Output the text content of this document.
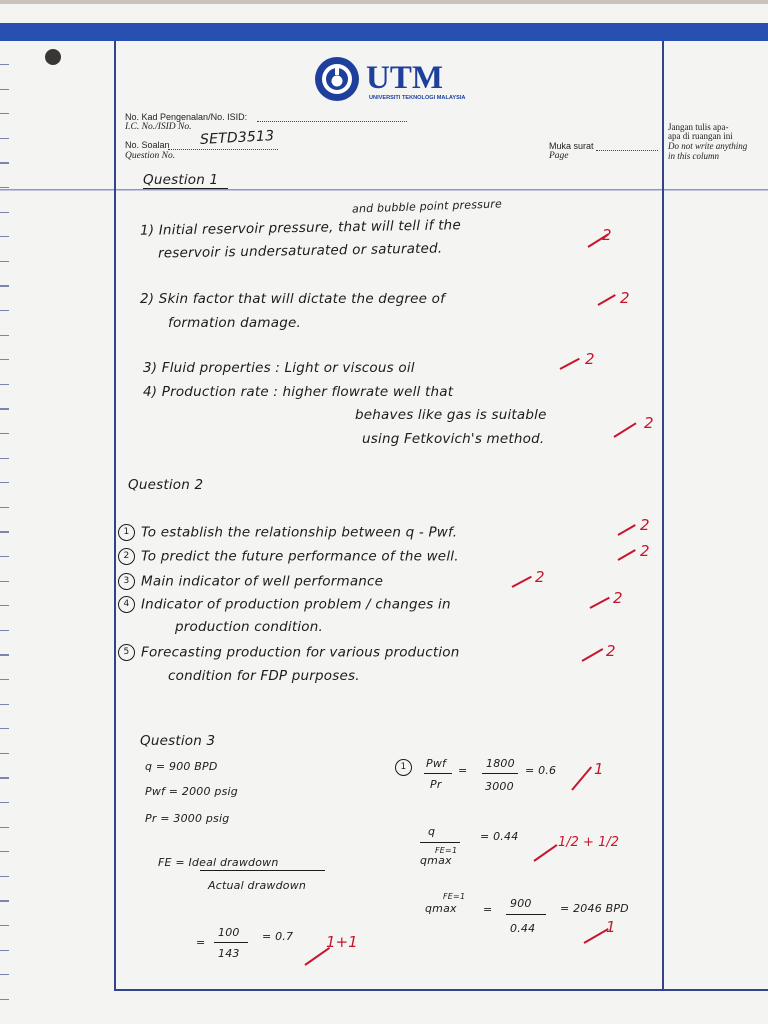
UTM
UNIVERSITI TEKNOLOGI MALAYSIA
No. Kad Pengenalan/No. ISID:
I.C. No./ISID No.
No. Soalan
Question No.
SETD3513	Muka surat
Page
Jangan tulis apa-
apa di ruangan ini
Do not write anything
in this column
Question 1
and bubble point pressure
1) Initial reservoir pressure, that will tell if the
reservoir is undersaturated or saturated.
2) Skin factor that will dictate the degree of
formation damage.
3) Fluid properties : Light or viscous oil
4) Production rate : higher flowrate well that
behaves like gas is suitable
using Fetkovich's method.
2
2
2
2
Question 2
1 To establish the relationship between q - Pwf.
2 To predict the future performance of the well.
3 Main indicator of well performance
4 Indicator of production problem / changes in
production condition.
5 Forecasting production for various production
condition for FDP purposes.
2
2
2
2
2
Question 3
q = 900 BPD
Pwf = 2000 psig
Pr = 3000 psig
1	Pwf
Pr
=
1800
3000
= 0.6	1
q
FE=1
qmax
= 0.44	1/2 + 1/2
FE = Ideal drawdown
Actual drawdown
FE=1
qmax = 900
0.44
= 2046 BPD
1
=
100
143
= 0.7 1+1
